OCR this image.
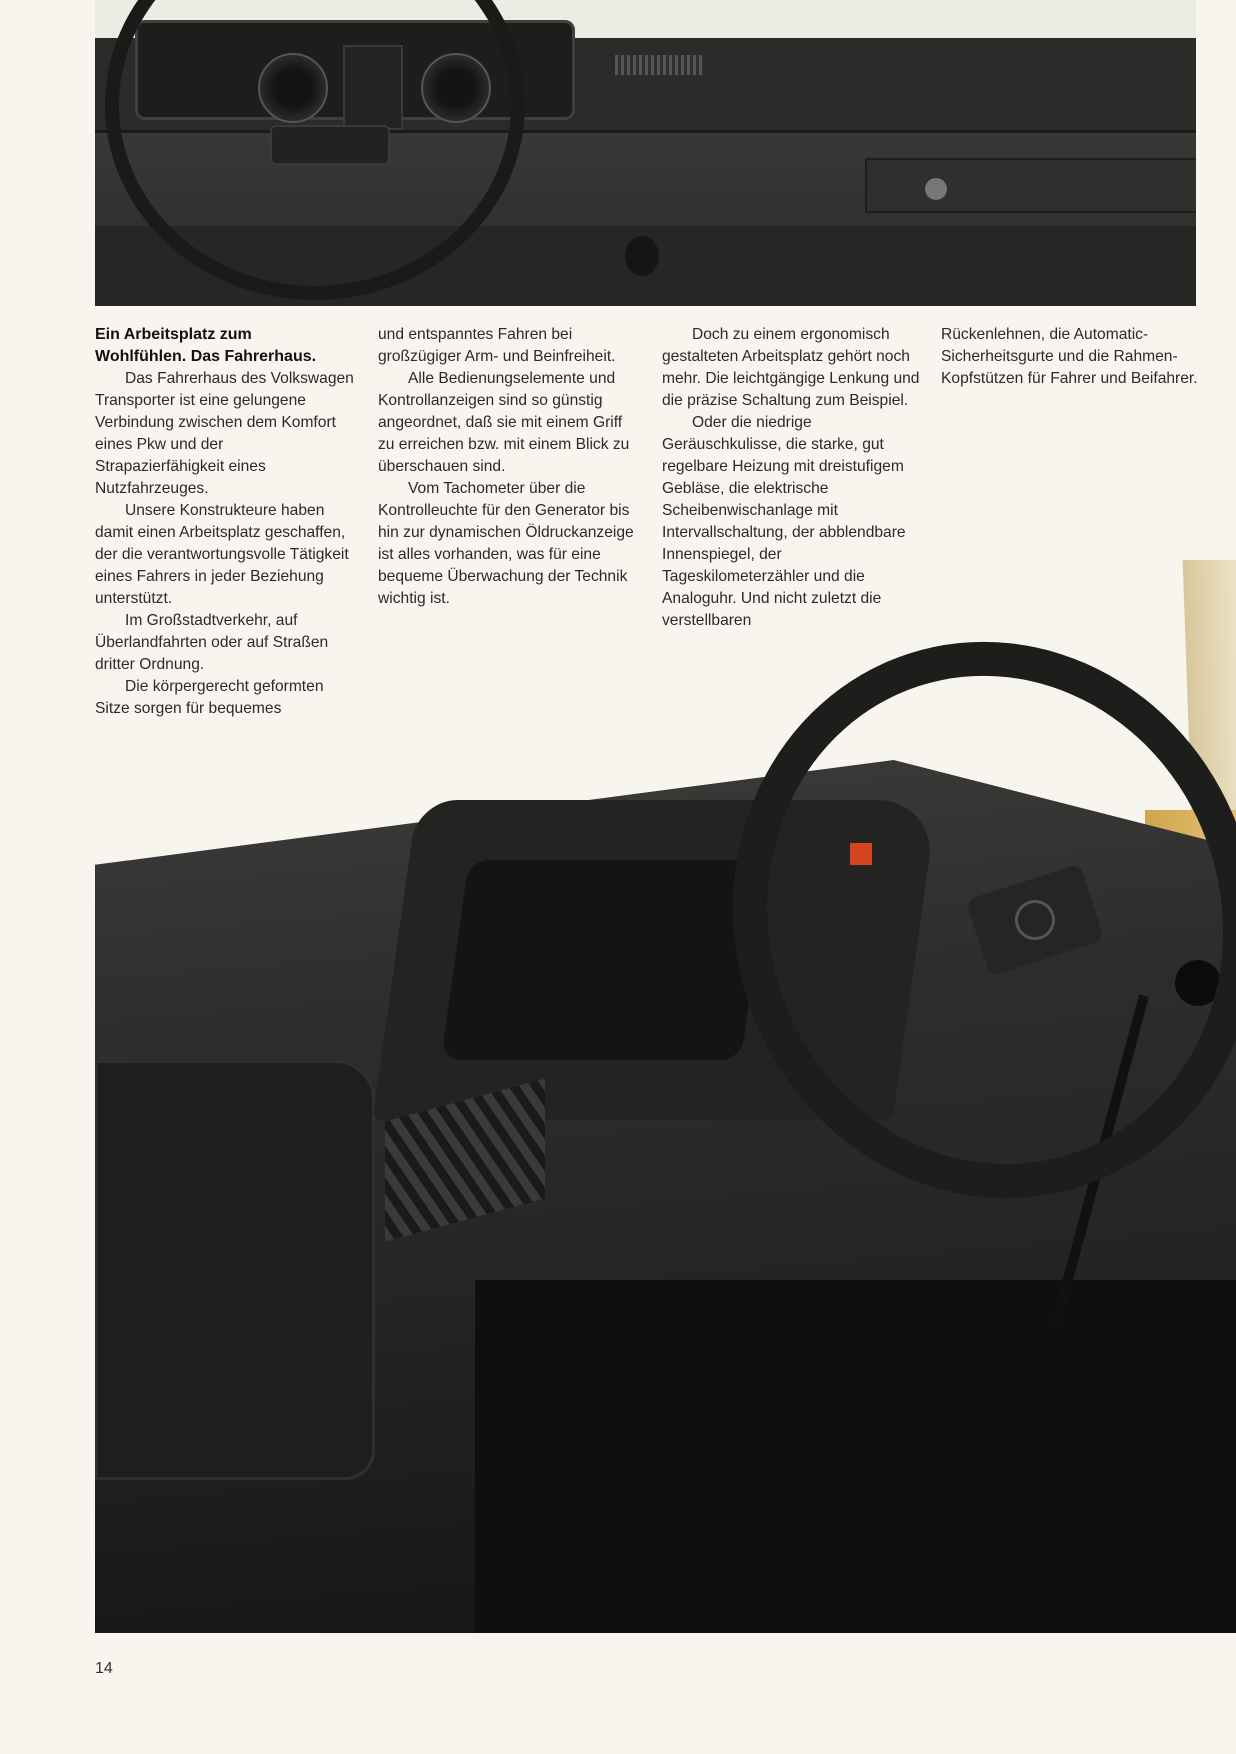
Ein Arbeitsplatz zum
Wohlfühlen. Das Fahrerhaus.

Das Fahrerhaus des Volkswagen Transporter ist eine gelungene Verbindung zwischen dem Komfort eines Pkw und der Strapazierfähigkeit eines Nutzfahrzeuges.

Unsere Konstrukteure haben damit einen Arbeitsplatz geschaffen, der die verantwortungsvolle Tätigkeit eines Fahrers in jeder Beziehung unterstützt.

Im Großstadtverkehr, auf Überlandfahrten oder auf Straßen dritter Ordnung.

Die körpergerecht geformten Sitze sorgen für bequemes

und entspanntes Fahren bei großzügiger Arm- und Beinfreiheit.

Alle Bedienungselemente und Kontrollanzeigen sind so günstig angeordnet, daß sie mit einem Griff zu erreichen bzw. mit einem Blick zu überschauen sind.

Vom Tachometer über die Kontrolleuchte für den Generator bis hin zur dynamischen Öldruckanzeige ist alles vorhanden, was für eine bequeme Überwachung der Technik wichtig ist.

Doch zu einem ergonomisch gestalteten Arbeitsplatz gehört noch mehr. Die leichtgängige Lenkung und die präzise Schaltung zum Beispiel.

Oder die niedrige Geräuschkulisse, die starke, gut regelbare Heizung mit dreistufigem Gebläse, die elektrische Scheibenwischanlage mit Intervallschaltung, der abblendbare Innenspiegel, der Tageskilometerzähler und die Analoguhr. Und nicht zuletzt die verstellbaren

Rückenlehnen, die Automatic-Sicherheitsgurte und die Rahmen-Kopfstützen für Fahrer und Beifahrer.

14
